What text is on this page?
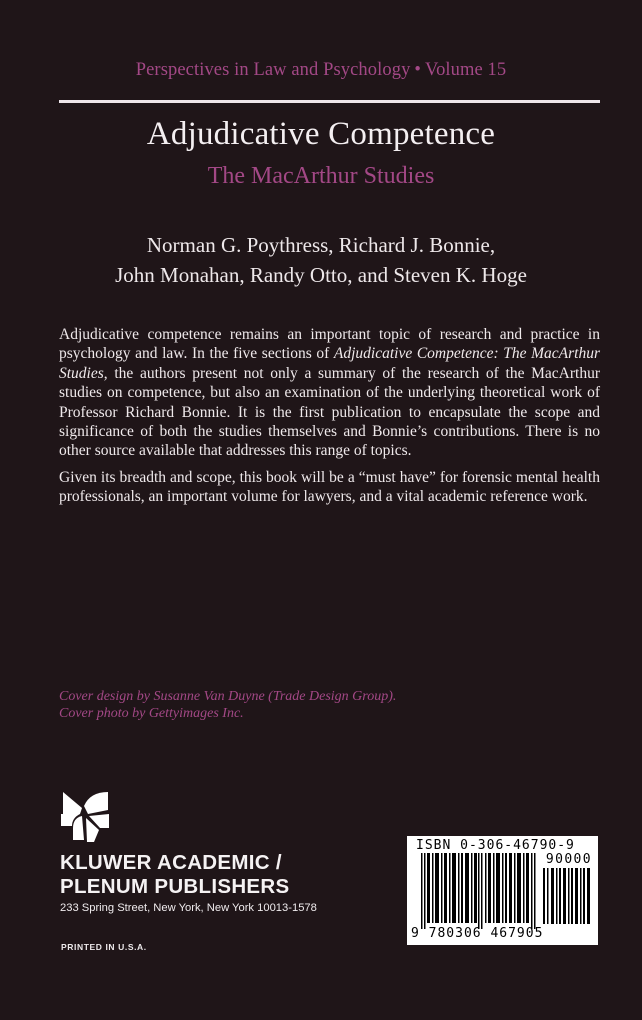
Perspectives in Law and Psychology • Volume 15
Adjudicative Competence
The MacArthur Studies
Norman G. Poythress, Richard J. Bonnie,
John Monahan, Randy Otto, and Steven K. Hoge

Adjudicative competence remains an important topic of research and practice in psychology and law. In the five sections of Adjudicative Competence: The MacArthur Studies, the authors present not only a summary of the research of the MacArthur studies on competence, but also an examination of the underlying theoretical work of Professor Richard Bonnie. It is the first publication to encapsulate the scope and significance of both the studies themselves and Bonnie’s contributions. There is no other source available that addresses this range of topics.

Given its breadth and scope, this book will be a “must have” for forensic mental health professionals, an important volume for lawyers, and a vital academic reference work.

Cover design by Susanne Van Duyne (Trade Design Group).
Cover photo by Gettyimages Inc.
KLUWER ACADEMIC /
PLENUM PUBLISHERS
233 Spring Street, New York, New York 10013-1578
PRINTED IN U.S.A.
ISBN 0-306-46790-9
90000
9 780306 467905
